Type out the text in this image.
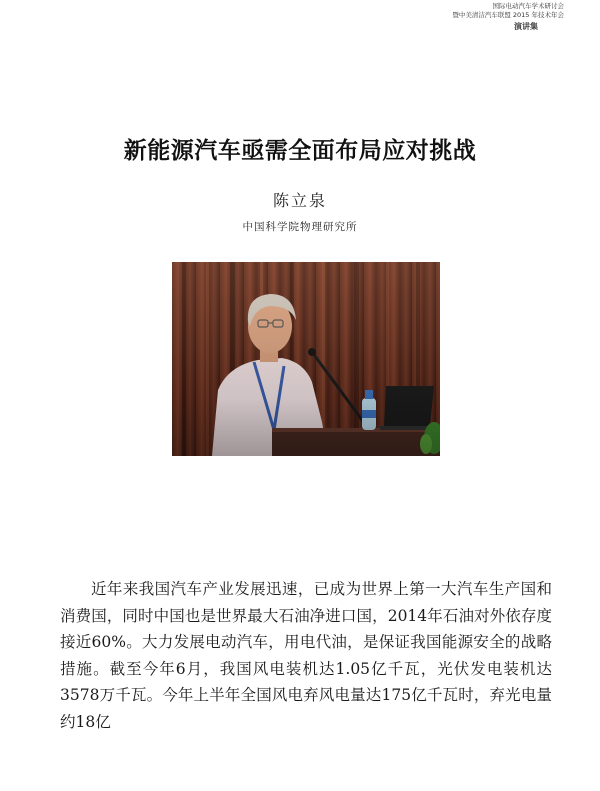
国际电动汽车学术研讨会
暨中美清洁汽车联盟 2015 年技术年会
演讲集
新能源汽车亟需全面布局应对挑战
陈立泉
中国科学院物理研究所

近年来我国汽车产业发展迅速，已成为世界上第一大汽车生产国和消费国，同时中国也是世界最大石油净进口国，2014年石油对外依存度接近60%。大力发展电动汽车，用电代油，是保证我国能源安全的战略措施。截至今年6月，我国风电装机达1.05亿千瓦，光伏发电装机达3578万千瓦。今年上半年全国风电弃风电量达175亿千瓦时，弃光电量约18亿
